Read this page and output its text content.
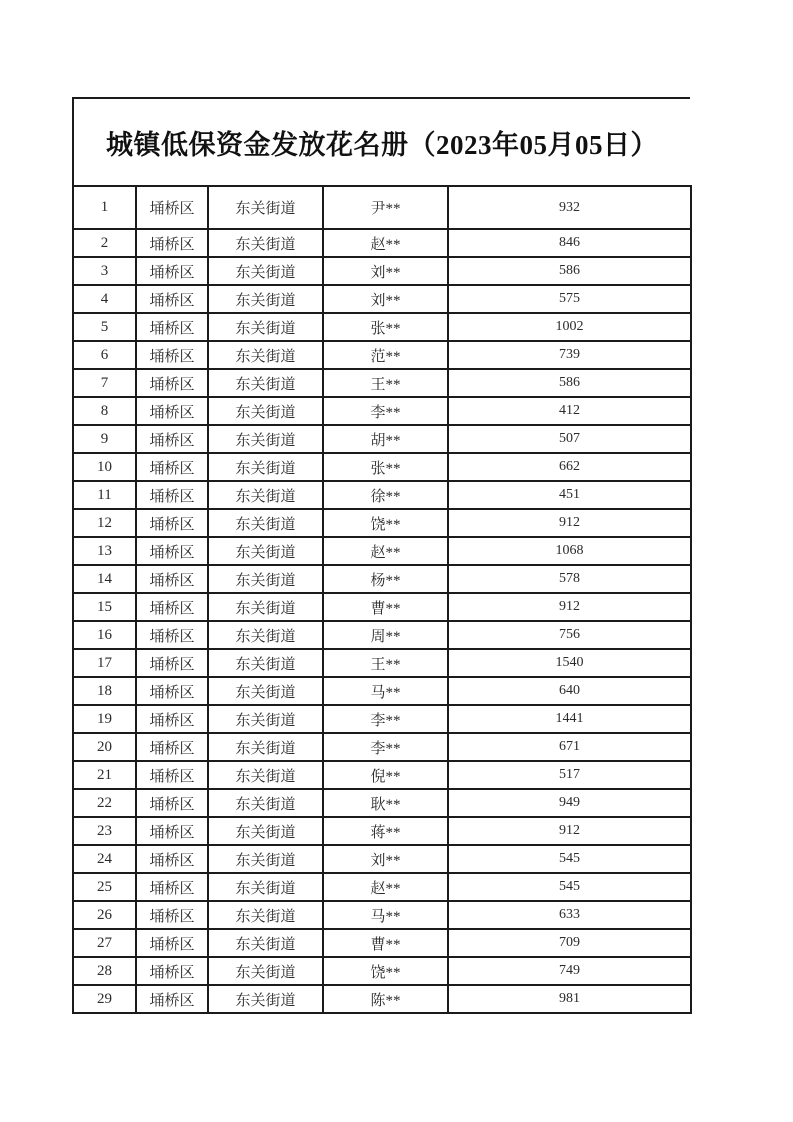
城镇低保资金发放花名册（2023年05月05日）
1	埇桥区	东关街道	尹**	932
2	埇桥区	东关街道	赵**	846
3	埇桥区	东关街道	刘**	586
4	埇桥区	东关街道	刘**	575
5	埇桥区	东关街道	张**	1002
6	埇桥区	东关街道	范**	739
7	埇桥区	东关街道	王**	586
8	埇桥区	东关街道	李**	412
9	埇桥区	东关街道	胡**	507
10	埇桥区	东关街道	张**	662
11	埇桥区	东关街道	徐**	451
12	埇桥区	东关街道	饶**	912
13	埇桥区	东关街道	赵**	1068
14	埇桥区	东关街道	杨**	578
15	埇桥区	东关街道	曹**	912
16	埇桥区	东关街道	周**	756
17	埇桥区	东关街道	王**	1540
18	埇桥区	东关街道	马**	640
19	埇桥区	东关街道	李**	1441
20	埇桥区	东关街道	李**	671
21	埇桥区	东关街道	倪**	517
22	埇桥区	东关街道	耿**	949
23	埇桥区	东关街道	蒋**	912
24	埇桥区	东关街道	刘**	545
25	埇桥区	东关街道	赵**	545
26	埇桥区	东关街道	马**	633
27	埇桥区	东关街道	曹**	709
28	埇桥区	东关街道	饶**	749
29	埇桥区	东关街道	陈**	981
